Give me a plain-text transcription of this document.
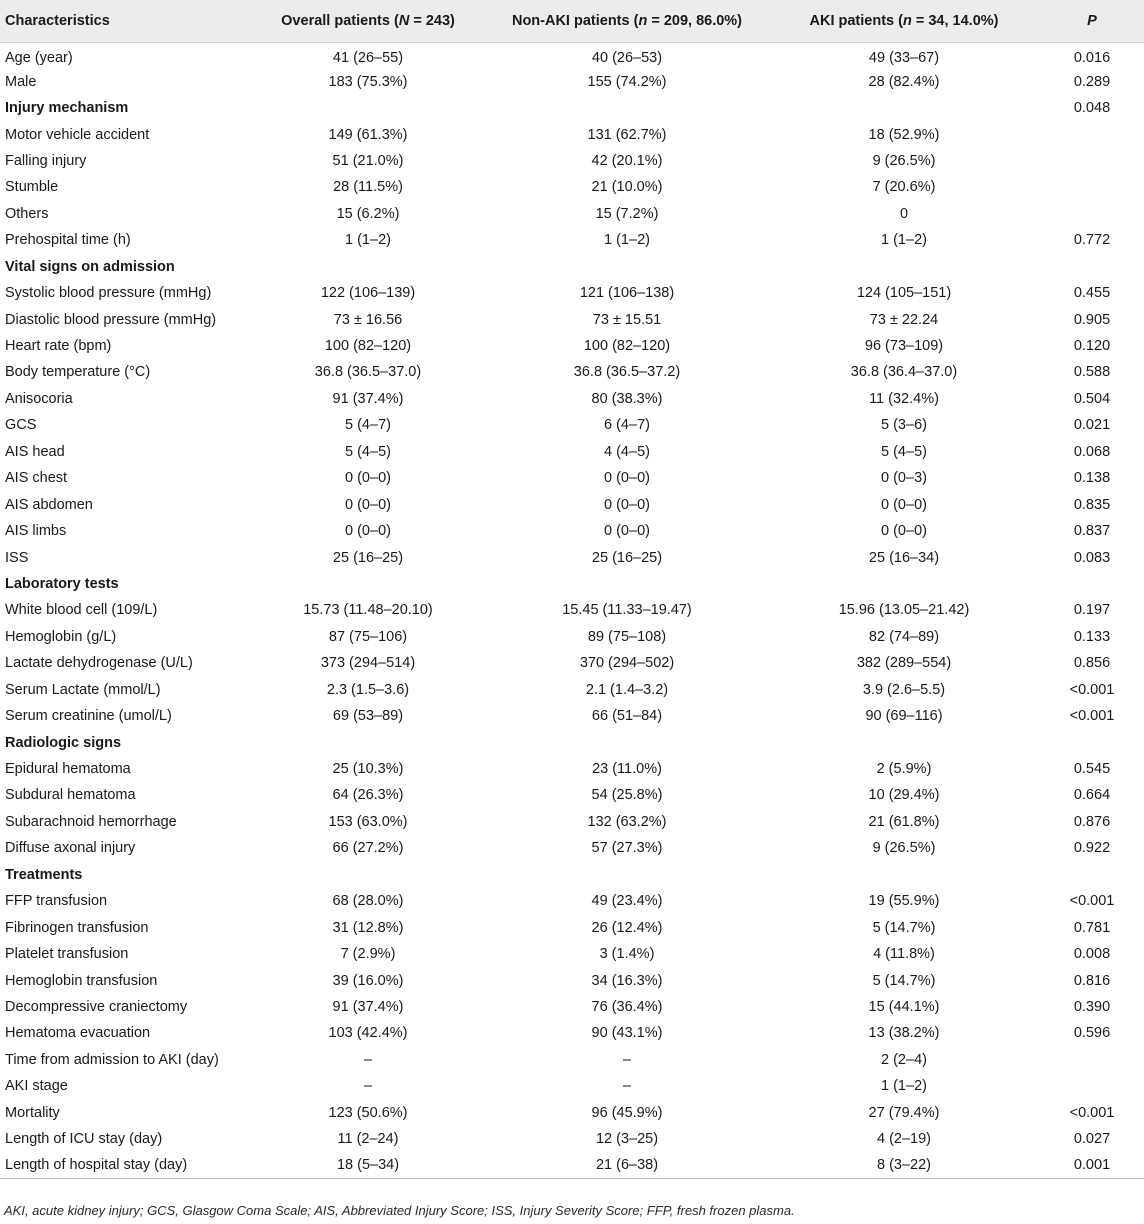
Characteristics	Overall patients (N = 243)	Non-AKI patients (n = 209, 86.0%)	AKI patients (n = 34, 14.0%)	P
Age (year)	41 (26–55)	40 (26–53)	49 (33–67)	0.016
Male	183 (75.3%)	155 (74.2%)	28 (82.4%)	0.289
Injury mechanism				0.048
Motor vehicle accident	149 (61.3%)	131 (62.7%)	18 (52.9%)	
Falling injury	51 (21.0%)	42 (20.1%)	9 (26.5%)	
Stumble	28 (11.5%)	21 (10.0%)	7 (20.6%)	
Others	15 (6.2%)	15 (7.2%)	0	
Prehospital time (h)	1 (1–2)	1 (1–2)	1 (1–2)	0.772
Vital signs on admission				
Systolic blood pressure (mmHg)	122 (106–139)	121 (106–138)	124 (105–151)	0.455
Diastolic blood pressure (mmHg)	73 ± 16.56	73 ± 15.51	73 ± 22.24	0.905
Heart rate (bpm)	100 (82–120)	100 (82–120)	96 (73–109)	0.120
Body temperature (°C)	36.8 (36.5–37.0)	36.8 (36.5–37.2)	36.8 (36.4–37.0)	0.588
Anisocoria	91 (37.4%)	80 (38.3%)	11 (32.4%)	0.504
GCS	5 (4–7)	6 (4–7)	5 (3–6)	0.021
AIS head	5 (4–5)	4 (4–5)	5 (4–5)	0.068
AIS chest	0 (0–0)	0 (0–0)	0 (0–3)	0.138
AIS abdomen	0 (0–0)	0 (0–0)	0 (0–0)	0.835
AIS limbs	0 (0–0)	0 (0–0)	0 (0–0)	0.837
ISS	25 (16–25)	25 (16–25)	25 (16–34)	0.083
Laboratory tests				
White blood cell (109/L)	15.73 (11.48–20.10)	15.45 (11.33–19.47)	15.96 (13.05–21.42)	0.197
Hemoglobin (g/L)	87 (75–106)	89 (75–108)	82 (74–89)	0.133
Lactate dehydrogenase (U/L)	373 (294–514)	370 (294–502)	382 (289–554)	0.856
Serum Lactate (mmol/L)	2.3 (1.5–3.6)	2.1 (1.4–3.2)	3.9 (2.6–5.5)	<0.001
Serum creatinine (umol/L)	69 (53–89)	66 (51–84)	90 (69–116)	<0.001
Radiologic signs				
Epidural hematoma	25 (10.3%)	23 (11.0%)	2 (5.9%)	0.545
Subdural hematoma	64 (26.3%)	54 (25.8%)	10 (29.4%)	0.664
Subarachnoid hemorrhage	153 (63.0%)	132 (63.2%)	21 (61.8%)	0.876
Diffuse axonal injury	66 (27.2%)	57 (27.3%)	9 (26.5%)	0.922
Treatments				
FFP transfusion	68 (28.0%)	49 (23.4%)	19 (55.9%)	<0.001
Fibrinogen transfusion	31 (12.8%)	26 (12.4%)	5 (14.7%)	0.781
Platelet transfusion	7 (2.9%)	3 (1.4%)	4 (11.8%)	0.008
Hemoglobin transfusion	39 (16.0%)	34 (16.3%)	5 (14.7%)	0.816
Decompressive craniectomy	91 (37.4%)	76 (36.4%)	15 (44.1%)	0.390
Hematoma evacuation	103 (42.4%)	90 (43.1%)	13 (38.2%)	0.596
Time from admission to AKI (day)	–	–	2 (2–4)	
AKI stage	–	–	1 (1–2)	
Mortality	123 (50.6%)	96 (45.9%)	27 (79.4%)	<0.001
Length of ICU stay (day)	11 (2–24)	12 (3–25)	4 (2–19)	0.027
Length of hospital stay (day)	18 (5–34)	21 (6–38)	8 (3–22)	0.001
AKI, acute kidney injury; GCS, Glasgow Coma Scale; AIS, Abbreviated Injury Score; ISS, Injury Severity Score; FFP, fresh frozen plasma.
